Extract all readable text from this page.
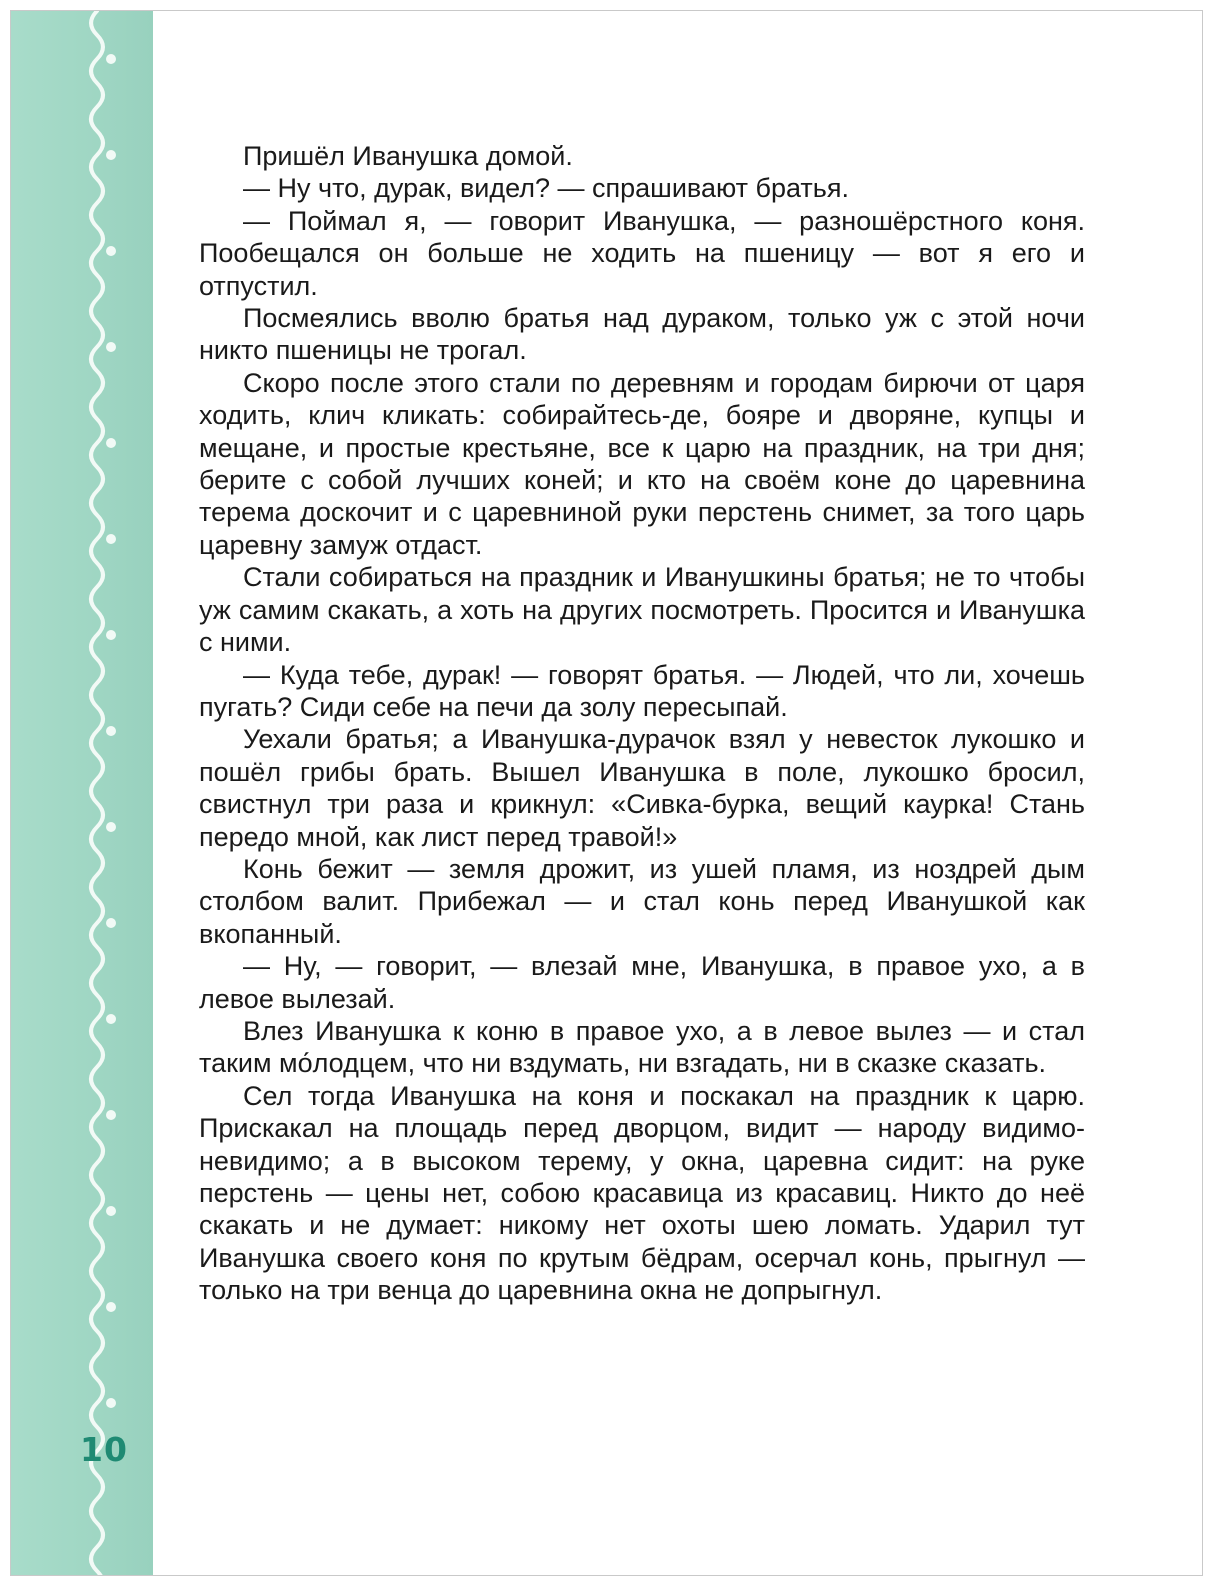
10

Пришёл Иванушка домой.

— Ну что, дурак, видел? — спрашивают братья.

— Поймал я, — говорит Иванушка, — разношёрстного коня. Пообещался он больше не ходить на пшеницу — вот я его и отпустил.

Посмеялись вволю братья над дураком, только уж с этой ночи никто пшеницы не трогал.

Скоро после этого стали по деревням и городам бирючи от царя ходить, клич кликать: собирайтесь-де, бояре и дворяне, купцы и мещане, и простые крестьяне, все к царю на праздник, на три дня; берите с собой лучших коней; и кто на своём коне до царевнина терема доскочит и с царевниной руки перстень снимет, за того царь царевну замуж отдаст.

Стали собираться на праздник и Иванушкины братья; не то чтобы уж самим скакать, а хоть на других посмотреть. Просится и Иванушка с ними.

— Куда тебе, дурак! — говорят братья. — Людей, что ли, хочешь пугать? Сиди себе на печи да золу пересыпай.

Уехали братья; а Иванушка-дурачок взял у невесток лукошко и пошёл грибы брать. Вышел Иванушка в поле, лукошко бросил, свистнул три раза и крикнул: «Сивка-бурка, вещий каурка! Стань передо мной, как лист перед травой!»

Конь бежит — земля дрожит, из ушей пламя, из ноздрей дым столбом валит. Прибежал — и стал конь перед Иванушкой как вкопанный.

— Ну, — говорит, — влезай мне, Иванушка, в правое ухо, а в левое вылезай.

Влез Иванушка к коню в правое ухо, а в левое вылез — и стал таким мо́лодцем, что ни вздумать, ни взгадать, ни в сказке сказать.

Сел тогда Иванушка на коня и поскакал на праздник к царю. Прискакал на площадь перед дворцом, видит — народу видимо-невидимо; а в высоком терему, у окна, царевна сидит: на руке перстень — цены нет, собою красавица из красавиц. Никто до неё скакать и не думает: никому нет охоты шею ломать. Ударил тут Иванушка своего коня по крутым бёдрам, осерчал конь, прыгнул — только на три венца до царевнина окна не допрыгнул.
